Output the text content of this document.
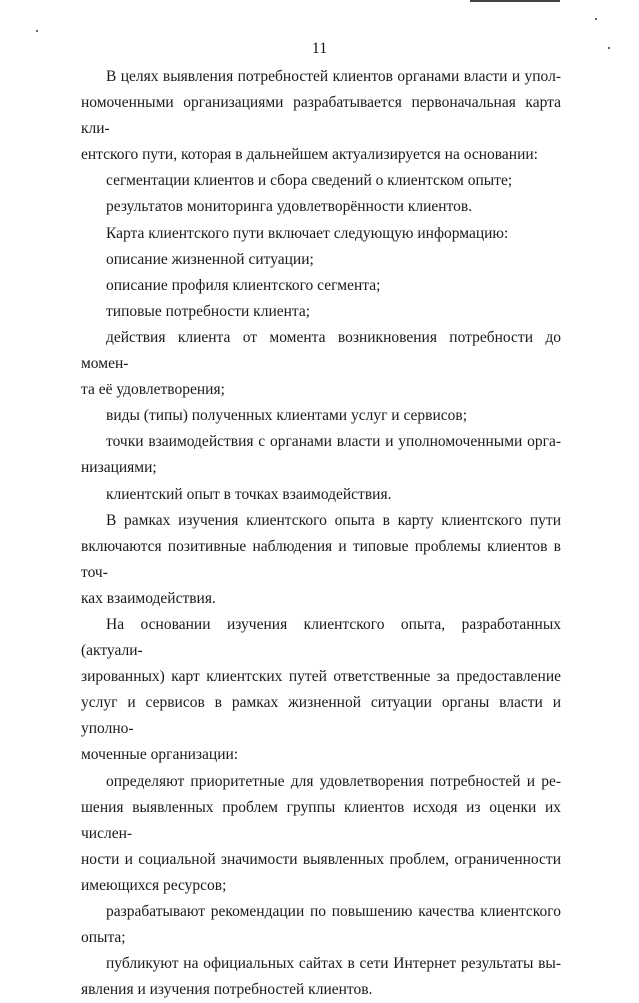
11

В целях выявления потребностей клиентов органами власти и упол-

номоченными организациями разрабатывается первоначальная карта кли-

ентского пути, которая в дальнейшем актуализируется на основании:

сегментации клиентов и сбора сведений о клиентском опыте;

результатов мониторинга удовлетворённости клиентов.

Карта клиентского пути включает следующую информацию:

описание жизненной ситуации;

описание профиля клиентского сегмента;

типовые потребности клиента;

действия клиента от момента возникновения потребности до момен-

та её удовлетворения;

виды (типы) полученных клиентами услуг и сервисов;

точки взаимодействия с органами власти и уполномоченными орга-

низациями;

клиентский опыт в точках взаимодействия.

В рамках изучения клиентского опыта в карту клиентского пути

включаются позитивные наблюдения и типовые проблемы клиентов в точ-

ках взаимодействия.

На основании изучения клиентского опыта, разработанных (актуали-

зированных) карт клиентских путей ответственные за предоставление

услуг и сервисов в рамках жизненной ситуации органы власти и уполно-

моченные организации:

определяют приоритетные для удовлетворения потребностей и ре-

шения выявленных проблем группы клиентов исходя из оценки их числен-

ности и социальной значимости выявленных проблем, ограниченности

имеющихся ресурсов;

разрабатывают рекомендации по повышению качества клиентского

опыта;

публикуют на официальных сайтах в сети Интернет результаты вы-

явления и изучения потребностей клиентов.
